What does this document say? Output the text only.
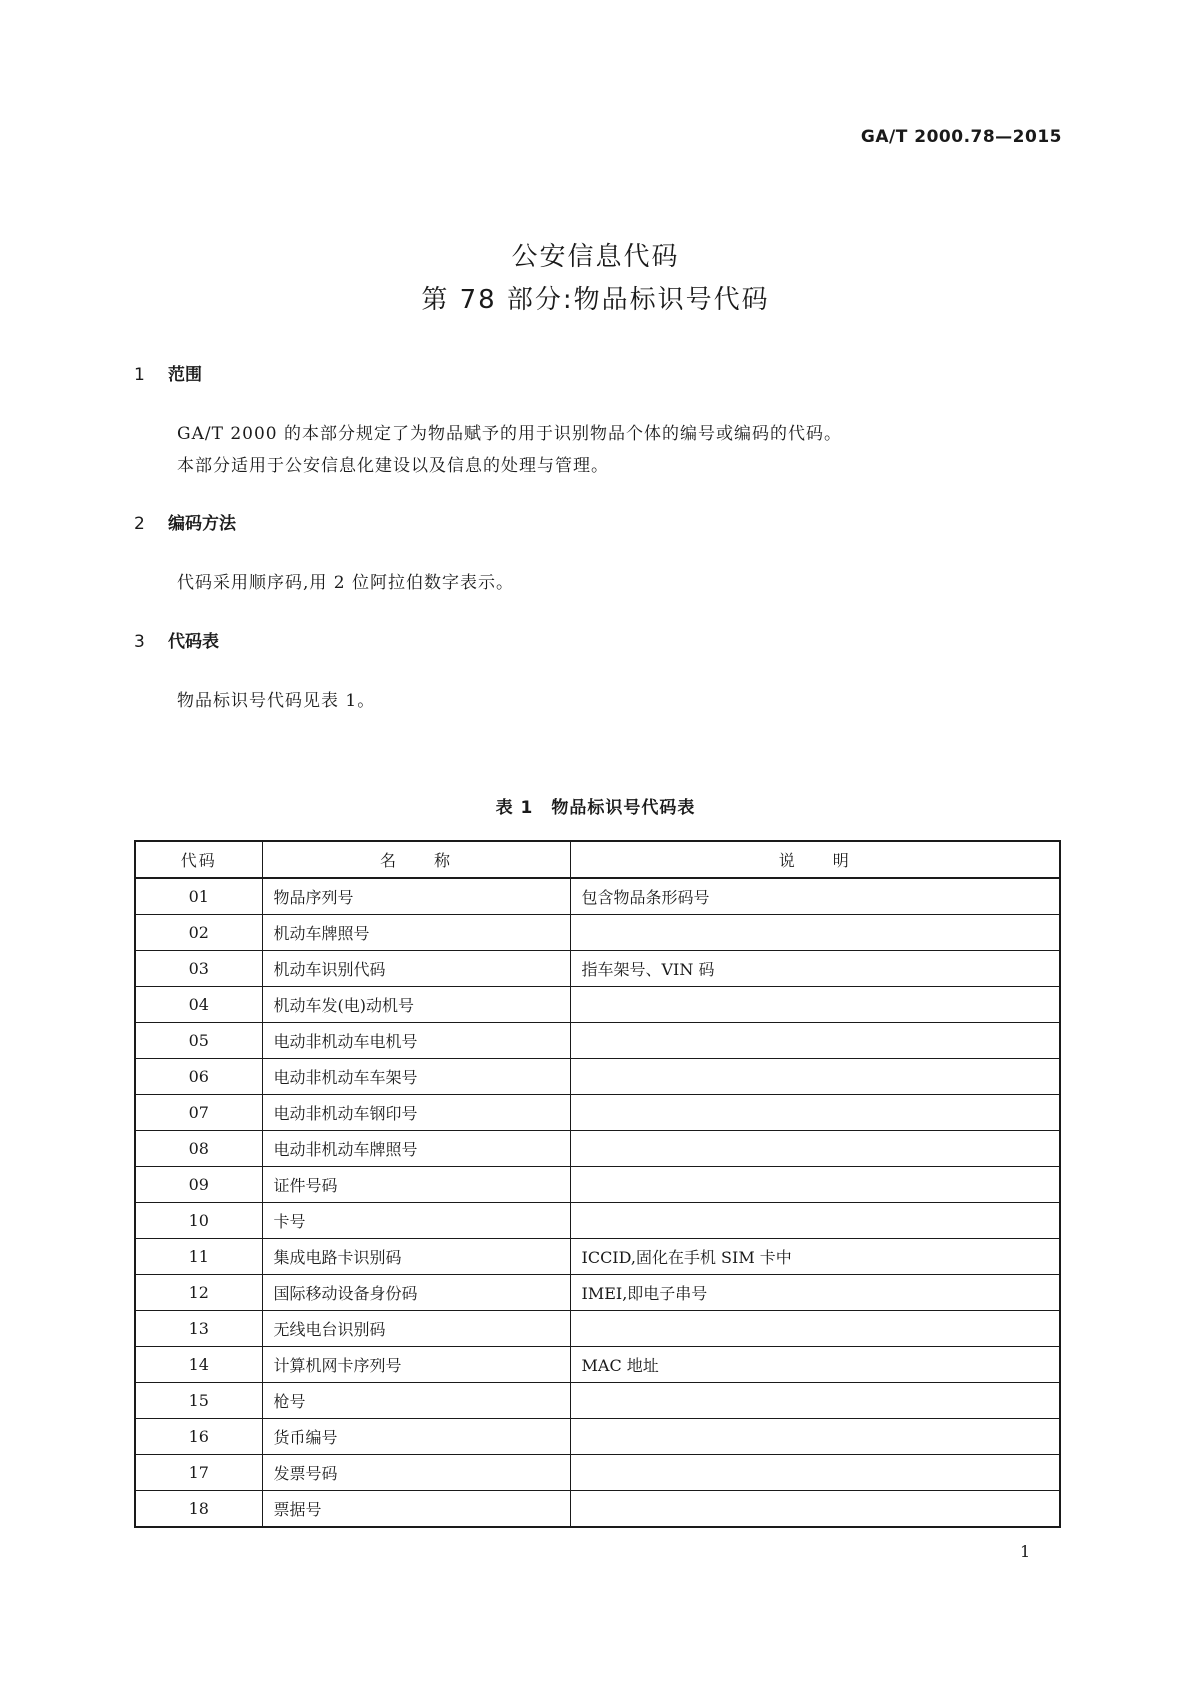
GA/T 2000.78—2015
公安信息代码
第 78 部分:物品标识号代码
1 范围
GA/T 2000 的本部分规定了为物品赋予的用于识别物品个体的编号或编码的代码。
本部分适用于公安信息化建设以及信息的处理与管理。
2 编码方法
代码采用顺序码,用 2 位阿拉伯数字表示。
3 代码表
物品标识号代码见表 1。
表 1　物品标识号代码表
代码	名　　称	说　　明
01	物品序列号	包含物品条形码号
02	机动车牌照号	
03	机动车识别代码	指车架号、VIN 码
04	机动车发(电)动机号	
05	电动非机动车电机号	
06	电动非机动车车架号	
07	电动非机动车钢印号	
08	电动非机动车牌照号	
09	证件号码	
10	卡号	
11	集成电路卡识别码	ICCID,固化在手机 SIM 卡中
12	国际移动设备身份码	IMEI,即电子串号
13	无线电台识别码	
14	计算机网卡序列号	MAC 地址
15	枪号	
16	货币编号	
17	发票号码	
18	票据号	
1
